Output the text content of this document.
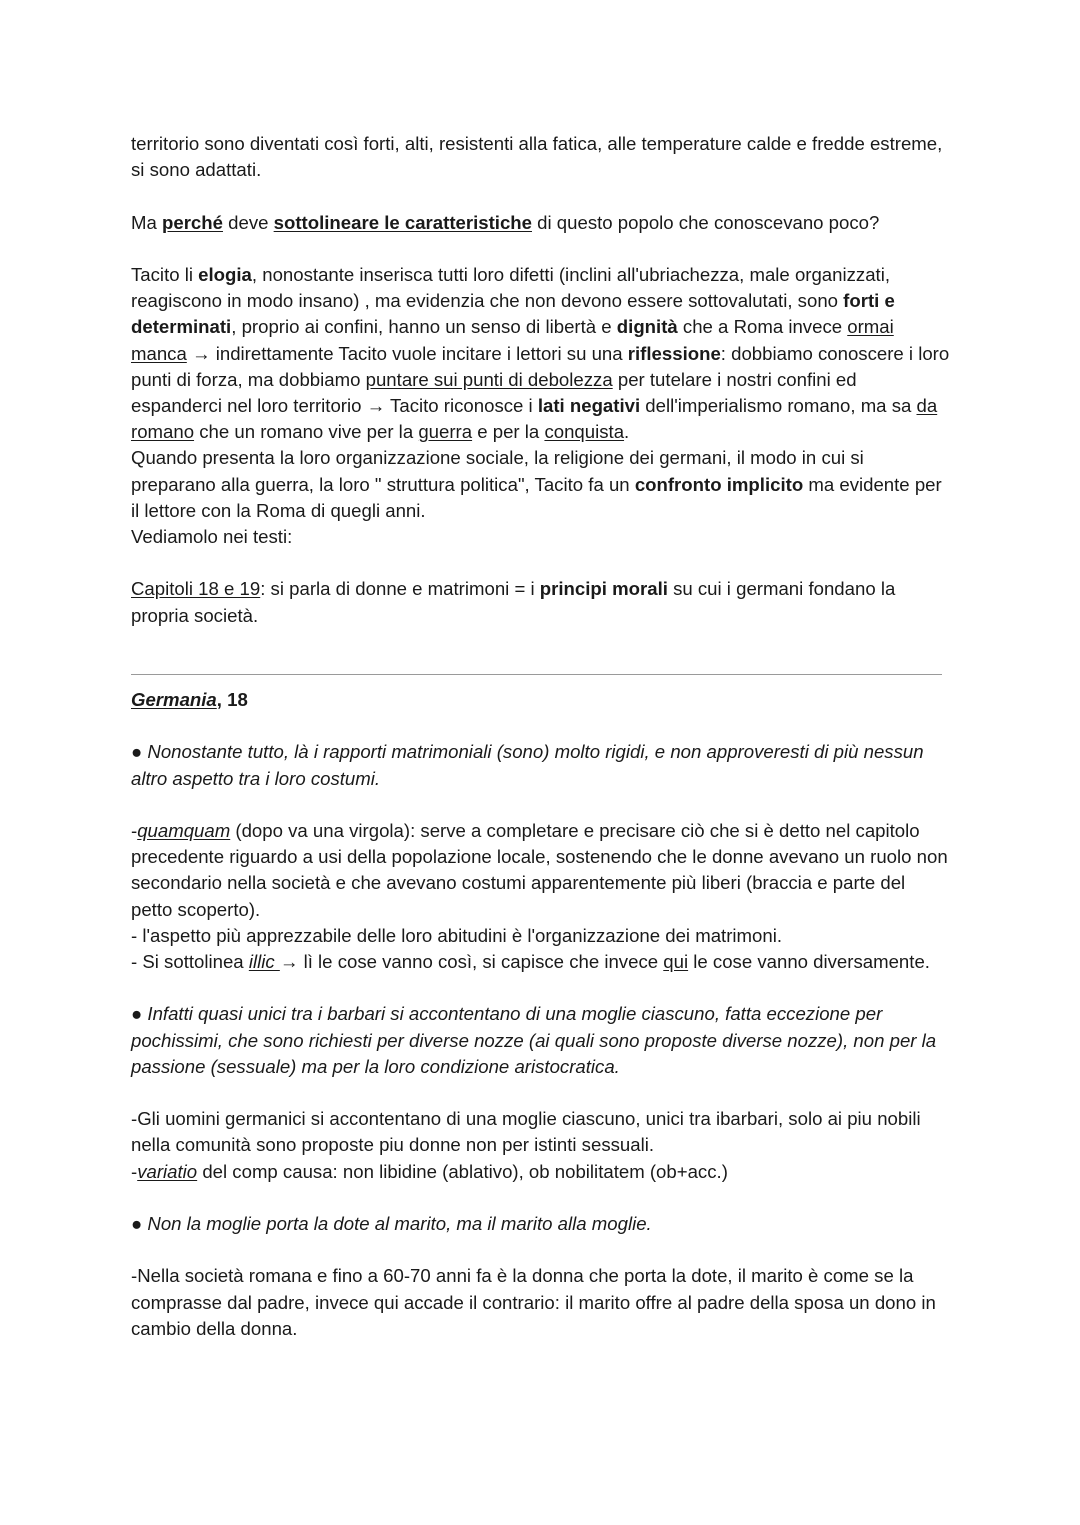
territorio sono diventati così forti, alti, resistenti alla fatica, alle temperature calde e fredde estreme, si sono adattati.

Ma perché deve sottolineare le caratteristiche di questo popolo che conoscevano poco?

Tacito li elogia, nonostante inserisca tutti loro difetti (inclini all'ubriachezza, male organizzati, reagiscono in modo insano) , ma evidenzia che non devono essere sottovalutati, sono forti e determinati, proprio ai confini, hanno un senso di libertà e dignità che a Roma invece ormai manca → indirettamente Tacito vuole incitare i lettori su una riflessione: dobbiamo conoscere i loro punti di forza, ma dobbiamo puntare sui punti di debolezza per tutelare i nostri confini ed espanderci nel loro territorio → Tacito riconosce i lati negativi dell'imperialismo romano, ma sa da romano che un romano vive per la guerra e per la conquista.

Quando presenta la loro organizzazione sociale, la religione dei germani, il modo in cui si preparano alla guerra, la loro " struttura politica", Tacito fa un confronto implicito ma evidente per il lettore con la Roma di quegli anni.

Vediamolo nei testi:

Capitoli 18 e 19: si parla di donne e matrimoni = i principi morali su cui i germani fondano la propria società.

Germania, 18

● Nonostante tutto, là i rapporti matrimoniali (sono) molto rigidi, e non approveresti di più nessun altro aspetto tra i loro costumi.

-quamquam (dopo va una virgola): serve a completare e precisare ciò che si è detto nel capitolo precedente riguardo a usi della popolazione locale, sostenendo che le donne avevano un ruolo non secondario nella società e che avevano costumi apparentemente più liberi (braccia e parte del petto scoperto).

- l'aspetto più apprezzabile delle loro abitudini è l'organizzazione dei matrimoni.

- Si sottolinea illic → lì le cose vanno così, si capisce che invece qui le cose vanno diversamente.

● Infatti quasi unici tra i barbari si accontentano di una moglie ciascuno, fatta eccezione per pochissimi, che sono richiesti per diverse nozze (ai quali sono proposte diverse nozze), non per la passione (sessuale) ma per la loro condizione aristocratica.

-Gli uomini germanici si accontentano di una moglie ciascuno, unici tra ibarbari, solo ai piu nobili nella comunità sono proposte piu donne non per istinti sessuali.

-variatio del comp causa: non libidine (ablativo), ob nobilitatem (ob+acc.)

● Non la moglie porta la dote al marito, ma il marito alla moglie.

-Nella società romana e fino a 60-70 anni fa è la donna che porta la dote, il marito è come se la comprasse dal padre, invece qui accade il contrario: il marito offre al padre della sposa un dono in cambio della donna.
